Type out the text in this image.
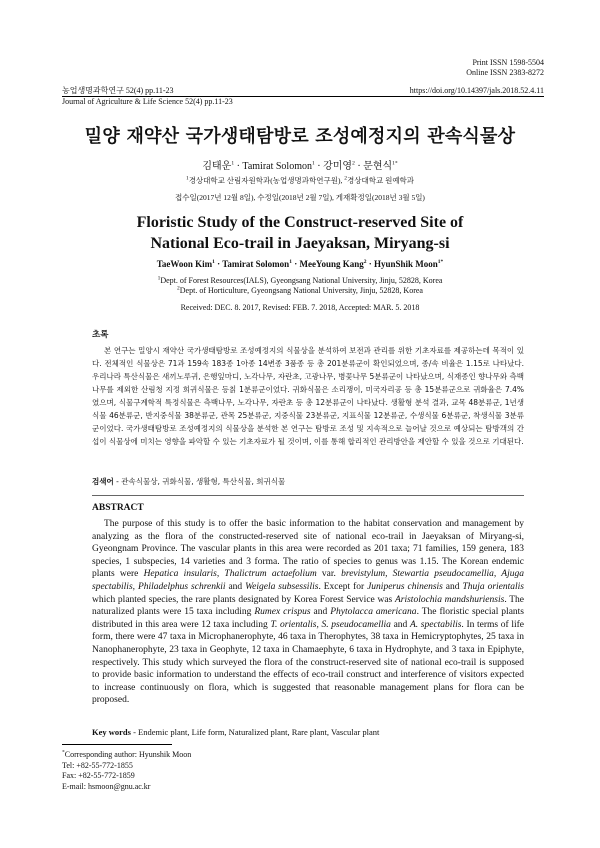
Print ISSN 1598-5504
Online ISSN 2383-8272
농업생명과학연구 52(4) pp.11-23	https://doi.org/10.14397/jals.2018.52.4.11
Journal of Agriculture & Life Science 52(4) pp.11-23
밀양 재약산 국가생태탐방로 조성예정지의 관속식물상
김태운$^1$ · Tamirat Solomon$^1$ · 강미영$^2$ · 문현식$^{1*}$
$^1$경상대학교 산림자원학과(농업생명과학연구원), $^2$경상대학교 원예학과
접수일(2017년 12월 8일), 수정일(2018년 2월 7일), 게재확정일(2018년 3월 5일)
Floristic Study of the Construct-reserved Site of
National Eco-trail in Jaeyaksan, Miryang-si
TaeWoon Kim$^1$ · Tamirat Solomon$^1$ · MeeYoung Kang$^2$ · HyunShik Moon$^{1*}$
$^1$Dept. of Forest Resources(IALS), Gyeongsang National University, Jinju, 52828, Korea
$^2$Dept. of Horticulture, Gyeongsang National University, Jinju, 52828, Korea
Received: DEC. 8. 2017, Revised: FEB. 7. 2018, Accepted: MAR. 5. 2018
초록
본 연구는 밀양시 재약산 국가생태탐방로 조성예정지의 식물상을 분석하여 보전과 관리를 위한 기초자료를 제공하는데 목적이 있다. 전체적인 식물상은 71과 159속 183종 1아종 14변종 3품종 등 총 201분류군이 확인되었으며, 종/속 비율은 1.15로 나타났다. 우리나라 특산식물은 새끼노루귀, 은행잎마디, 노각나무, 자란초, 고광나무, 병꽃나무 5분류군이 나타났으며, 식재종인 향나무와 측백나무를 제외한 산림청 지정 희귀식물은 등칡 1분류군이었다. 귀화식물은 소리쟁이, 미국자리공 등 총 15분류군으로 귀화율은 7.4%였으며, 식물구계학적 특정식물은 측백나무, 노각나무, 자란초 등 총 12분류군이 나타났다. 생활형 분석 결과, 교목 48분류군, 1년생식물 46분류군, 반지중식물 38분류군, 관목 25분류군, 지중식물 23분류군, 지표식물 12분류군, 수생식물 6분류군, 착생식물 3분류군이었다. 국가생태탐방로 조성예정지의 식물상을 분석한 본 연구는 탐방로 조성 및 지속적으로 늘어날 것으로 예상되는 탐방객의 간섭이 식물상에 미치는 영향을 파악할 수 있는 기초자료가 될 것이며, 이를 통해 합리적인 관리방안을 제안할 수 있을 것으로 기대된다.
검색어 - 관속식물상, 귀화식물, 생활형, 특산식물, 희귀식물
ABSTRACT
The purpose of this study is to offer the basic information to the habitat conservation and management by analyzing as the flora of the constructed-reserved site of national eco-trail in Jaeyaksan of Miryang-si, Gyeongnam Province. The vascular plants in this area were recorded as 201 taxa; 71 families, 159 genera, 183 species, 1 subspecies, 14 varieties and 3 forma. The ratio of species to genus was 1.15. The Korean endemic plants were Hepatica insularis, Thalictrum actaefolium var. brevistylum, Stewartia pseudocamellia, Ajuga spectabilis, Philadelphus schrenkii and Weigela subsessilis. Except for Juniperus chinensis and Thuja orientalis which planted species, the rare plants designated by Korea Forest Service was Aristolochia mandshuriensis. The naturalized plants were 15 taxa including Rumex crispus and Phytolacca americana. The floristic special plants distributed in this area were 12 taxa including T. orientalis, S. pseudocamellia and A. spectabilis. In terms of life form, there were 47 taxa in Microphanerophyte, 46 taxa in Therophytes, 38 taxa in Hemicryptophytes, 25 taxa in Nanophanerophyte, 23 taxa in Geophyte, 12 taxa in Chamaephyte, 6 taxa in Hydrophyte, and 3 taxa in Epiphyte, respectively. This study which surveyed the flora of the construct-reserved site of national eco-trail is supposed to provide basic information to understand the effects of eco-trail construct and interference of visitors expected to increase continuously on flora, which is suggested that reasonable management plans for flora can be proposed.
Key words - Endemic plant, Life form, Naturalized plant, Rare plant, Vascular plant
*Corresponding author: Hyunshik Moon
Tel: +82-55-772-1855
Fax: +82-55-772-1859
E-mail: hsmoon@gnu.ac.kr
